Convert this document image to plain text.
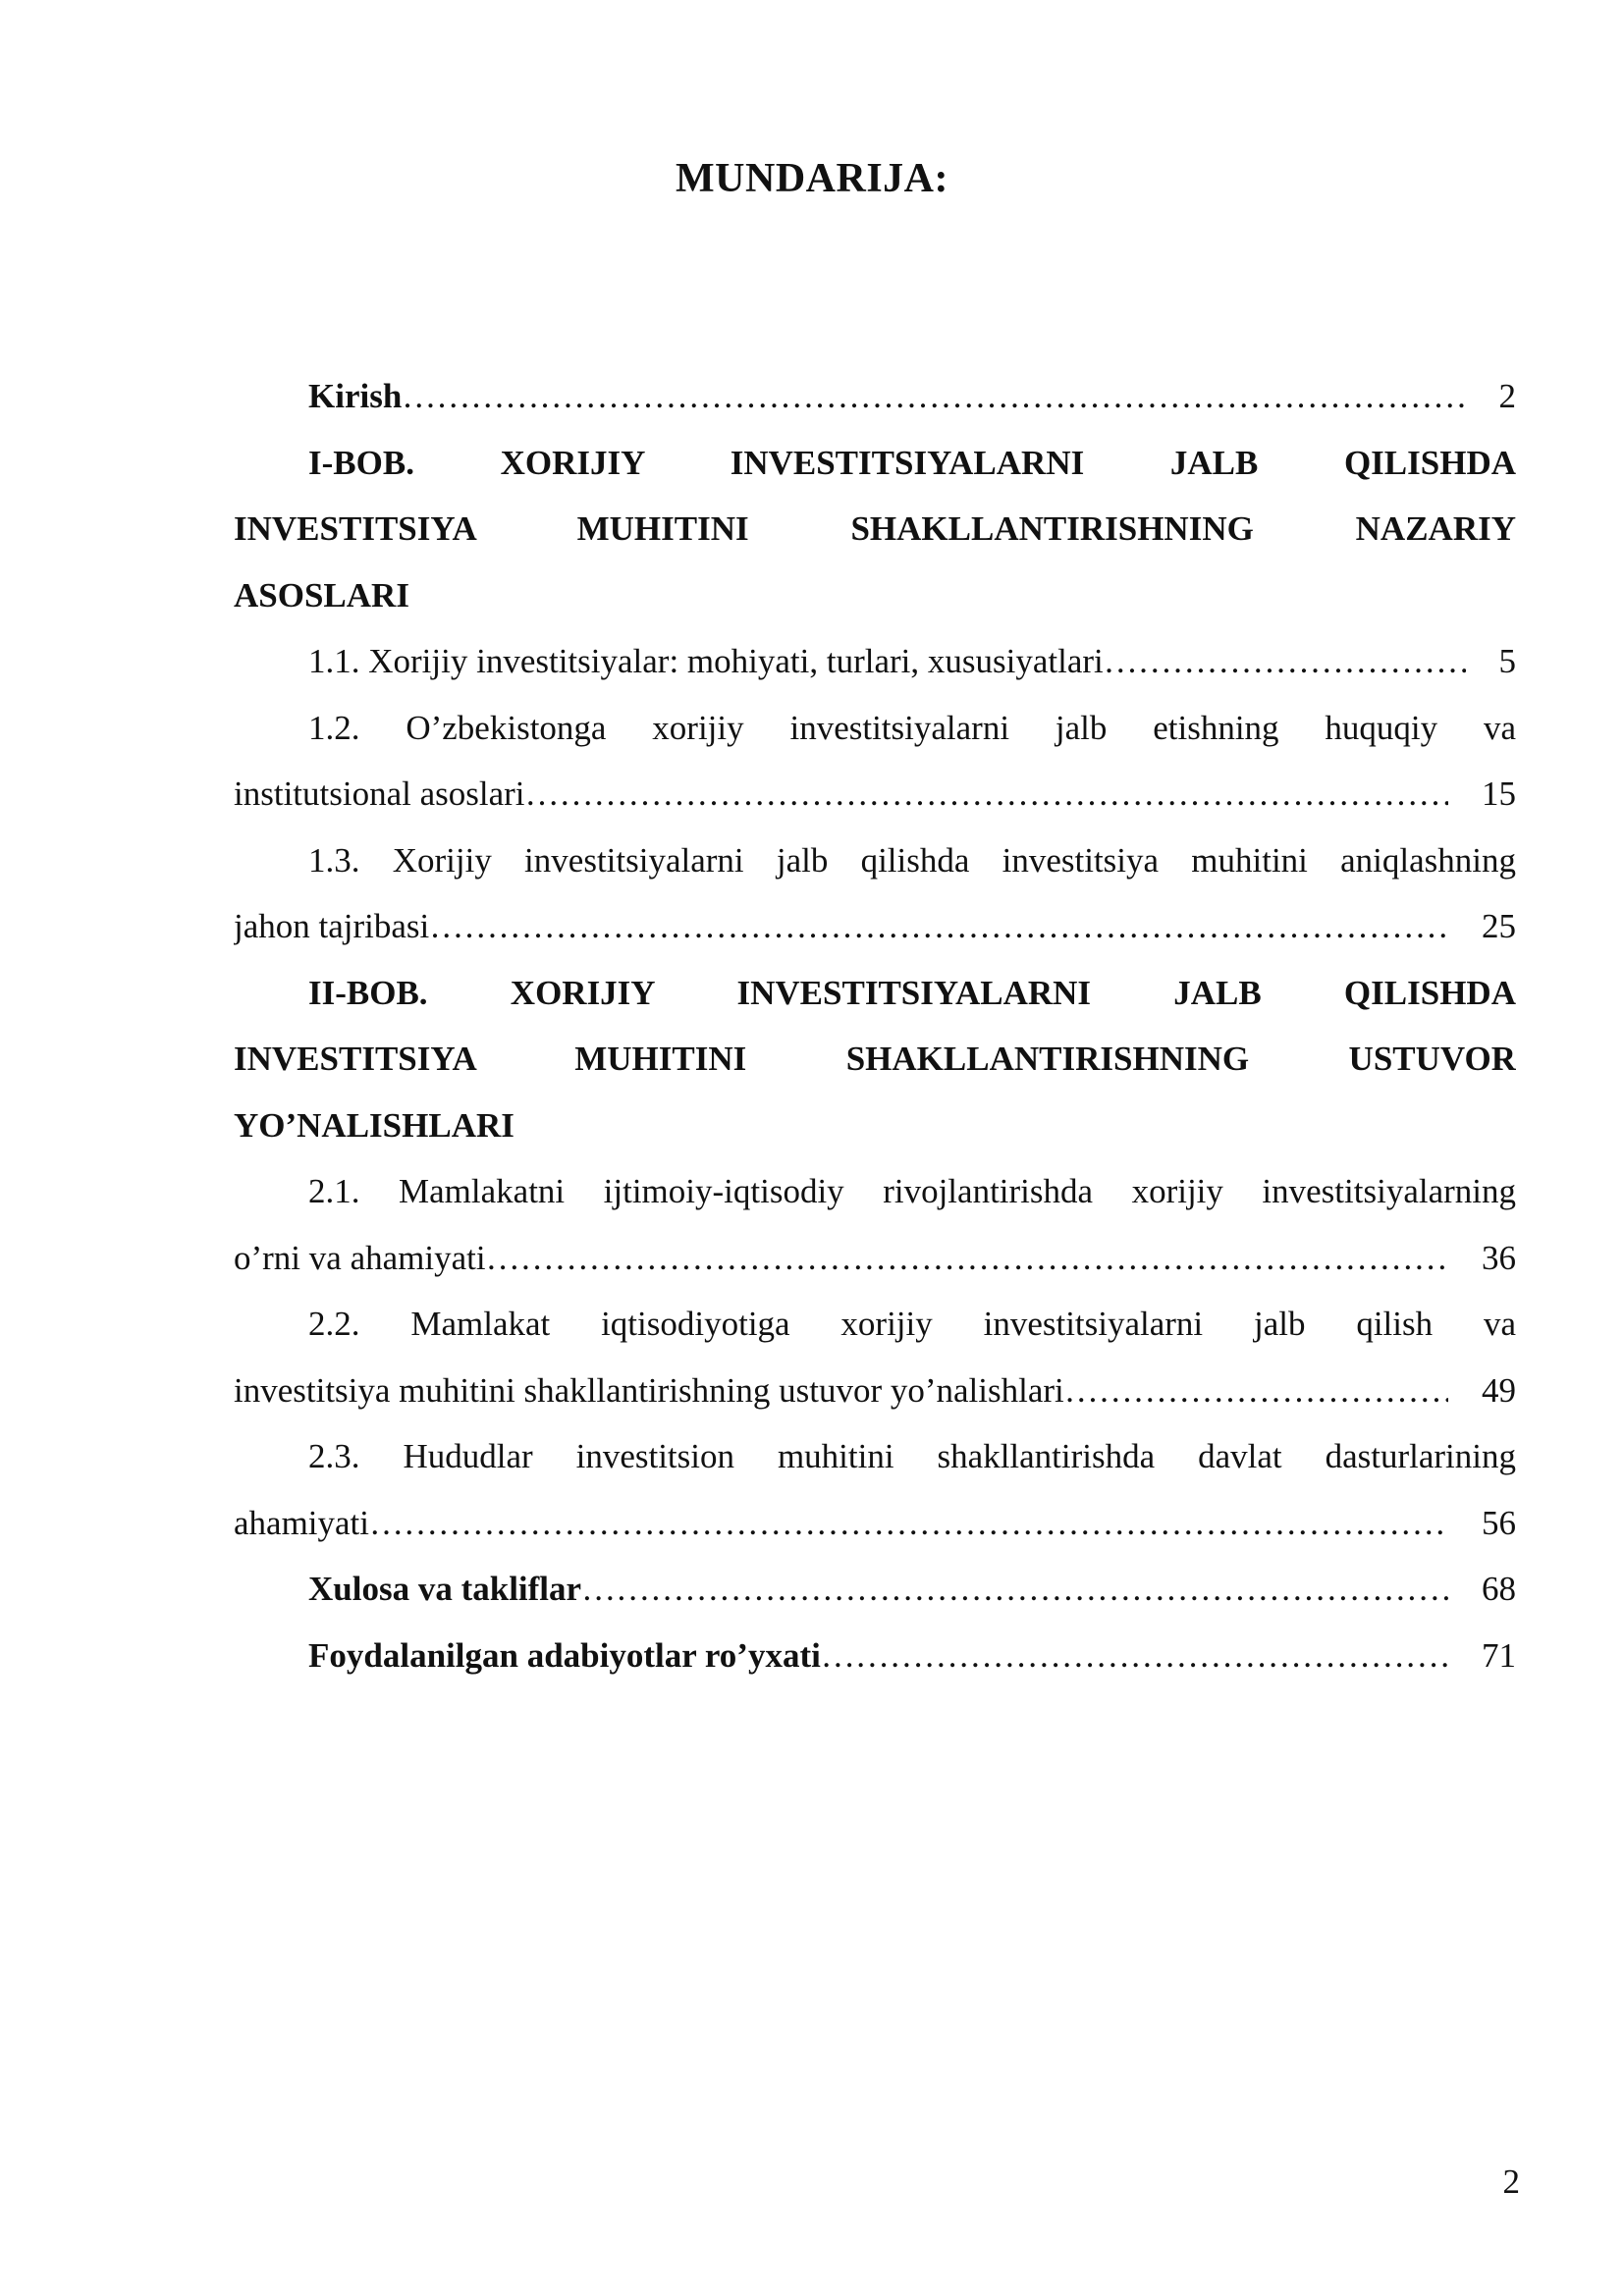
MUNDARIJA:
Kirish ……………………………………………………………………………………………………………………………………………………………………………………	2
I-BOB. XORIJIY INVESTITSIYALARNI JALB QILISHDA
INVESTITSIYA MUHITINI SHAKLLANTIRISHNING NAZARIY
ASOSLARI
1.1. Xorijiy investitsiyalar: mohiyati, turlari, xususiyatlari ……………………………………………………………………………………………………………………………………………………………………………………	5
1.2. O’zbekistonga xorijiy investitsiyalarni jalb etishning huquqiy va
institutsional asoslari ……………………………………………………………………………………………………………………………………………………………………………………	15
1.3. Xorijiy investitsiyalarni jalb qilishda investitsiya muhitini aniqlashning
jahon tajribasi ……………………………………………………………………………………………………………………………………………………………………………………	25
II-BOB. XORIJIY INVESTITSIYALARNI JALB QILISHDA
INVESTITSIYA MUHITINI SHAKLLANTIRISHNING USTUVOR
YO’NALISHLARI
2.1. Mamlakatni ijtimoiy-iqtisodiy rivojlantirishda xorijiy investitsiyalarning
o’rni va ahamiyati ……………………………………………………………………………………………………………………………………………………………………………………	36
2.2. Mamlakat iqtisodiyotiga xorijiy investitsiyalarni jalb qilish va
investitsiya muhitini shakllantirishning ustuvor yo’nalishlari ……………………………………………………………………………………………………………………………………………………………………………………	49
2.3. Hududlar investitsion muhitini shakllantirishda davlat dasturlarining
ahamiyati ……………………………………………………………………………………………………………………………………………………………………………………	56
Xulosa va takliflar ……………………………………………………………………………………………………………………………………………………………………………………	68
Foydalanilgan adabiyotlar ro’yxati ……………………………………………………………………………………………………………………………………………………………………………………	71
2
